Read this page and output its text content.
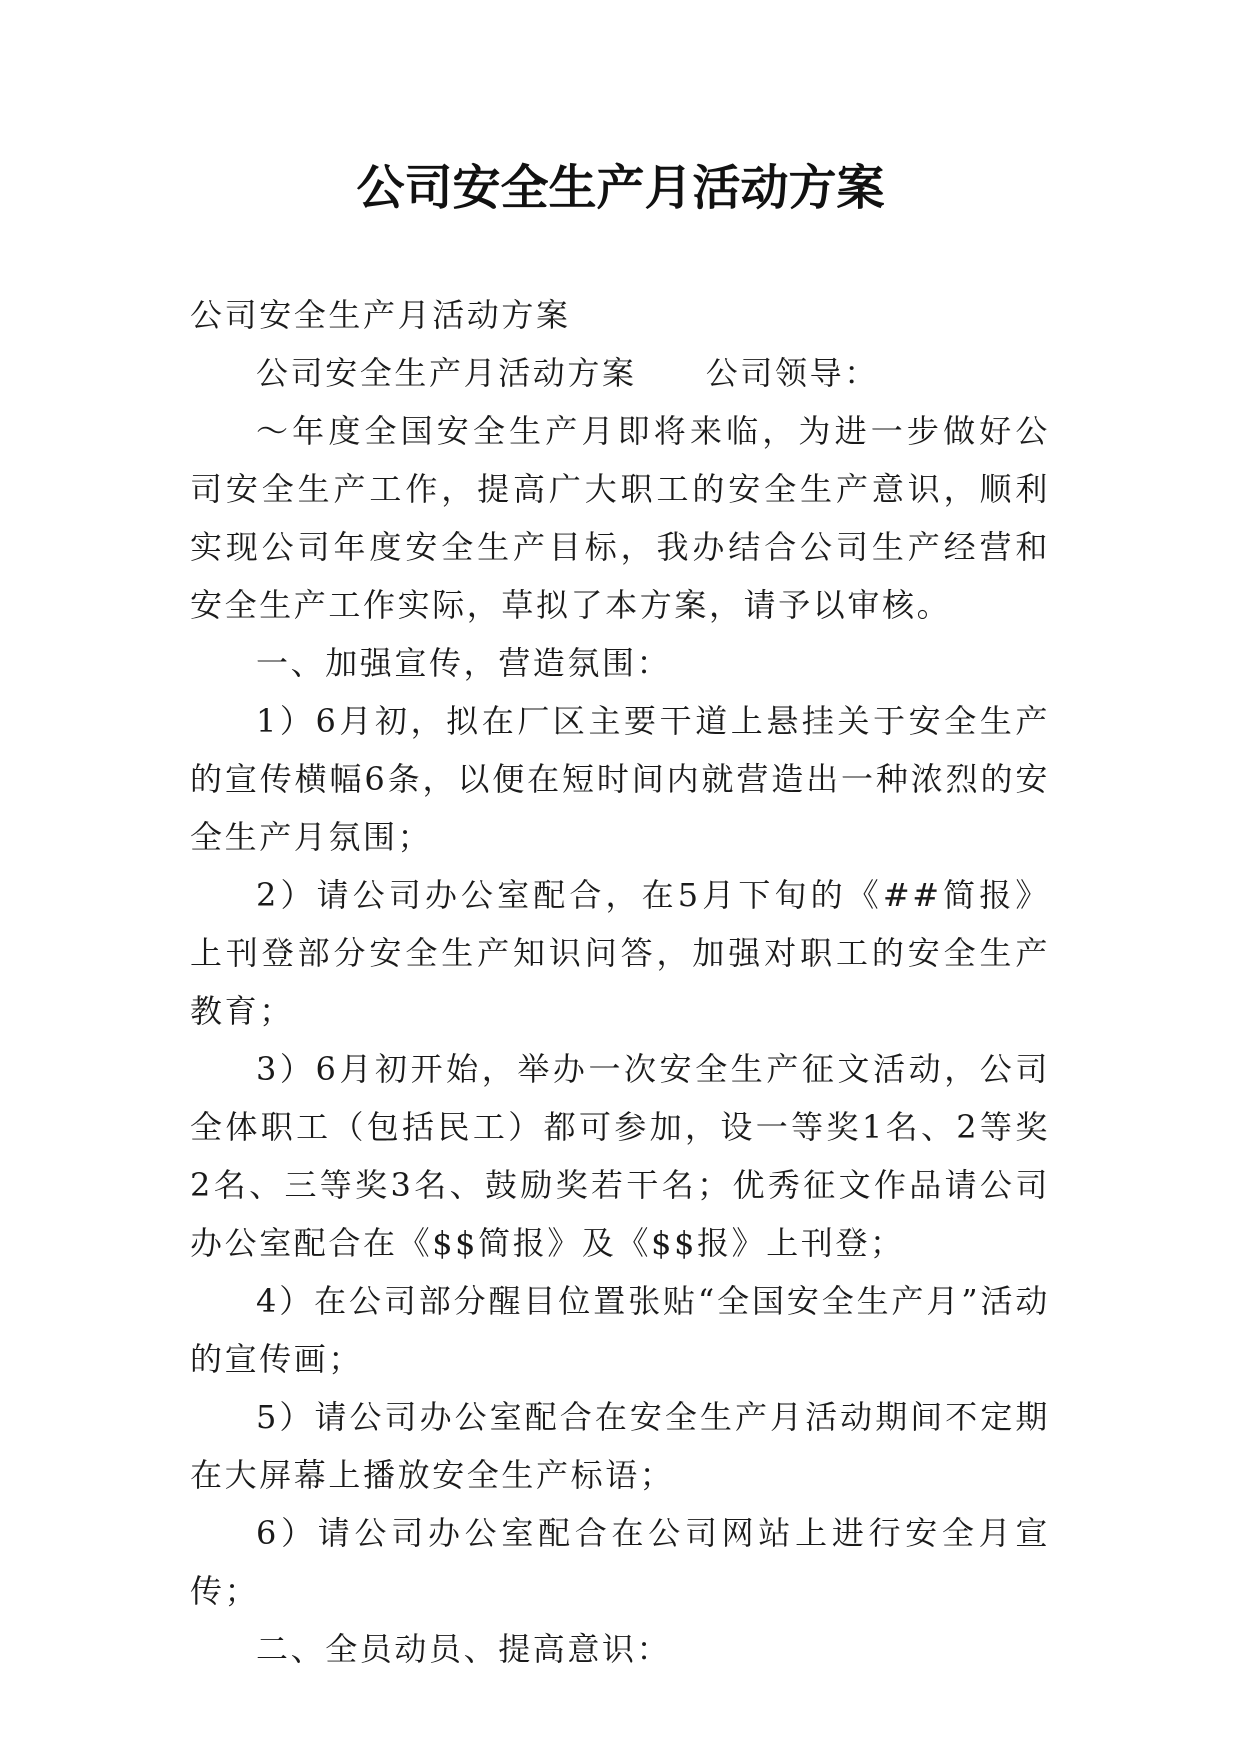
公司安全生产月活动方案

公司安全生产月活动方案

公司安全生产月活动方案　　公司领导：

～年度全国安全生产月即将来临，为进一步做好公司安全生产工作，提高广大职工的安全生产意识，顺利实现公司年度安全生产目标，我办结合公司生产经营和安全生产工作实际，草拟了本方案，请予以审核。

一、加强宣传，营造氛围：

1）6月初，拟在厂区主要干道上悬挂关于安全生产的宣传横幅6条，以便在短时间内就营造出一种浓烈的安全生产月氛围；

2）请公司办公室配合，在5月下旬的《##简报》上刊登部分安全生产知识问答，加强对职工的安全生产教育；

3）6月初开始，举办一次安全生产征文活动，公司全体职工（包括民工）都可参加，设一等奖1名、2等奖2名、三等奖3名、鼓励奖若干名；优秀征文作品请公司办公室配合在《$$简报》及《$$报》上刊登；

4）在公司部分醒目位置张贴“全国安全生产月”活动的宣传画；

5）请公司办公室配合在安全生产月活动期间不定期在大屏幕上播放安全生产标语；

6）请公司办公室配合在公司网站上进行安全月宣传；

二、全员动员、提高意识：
